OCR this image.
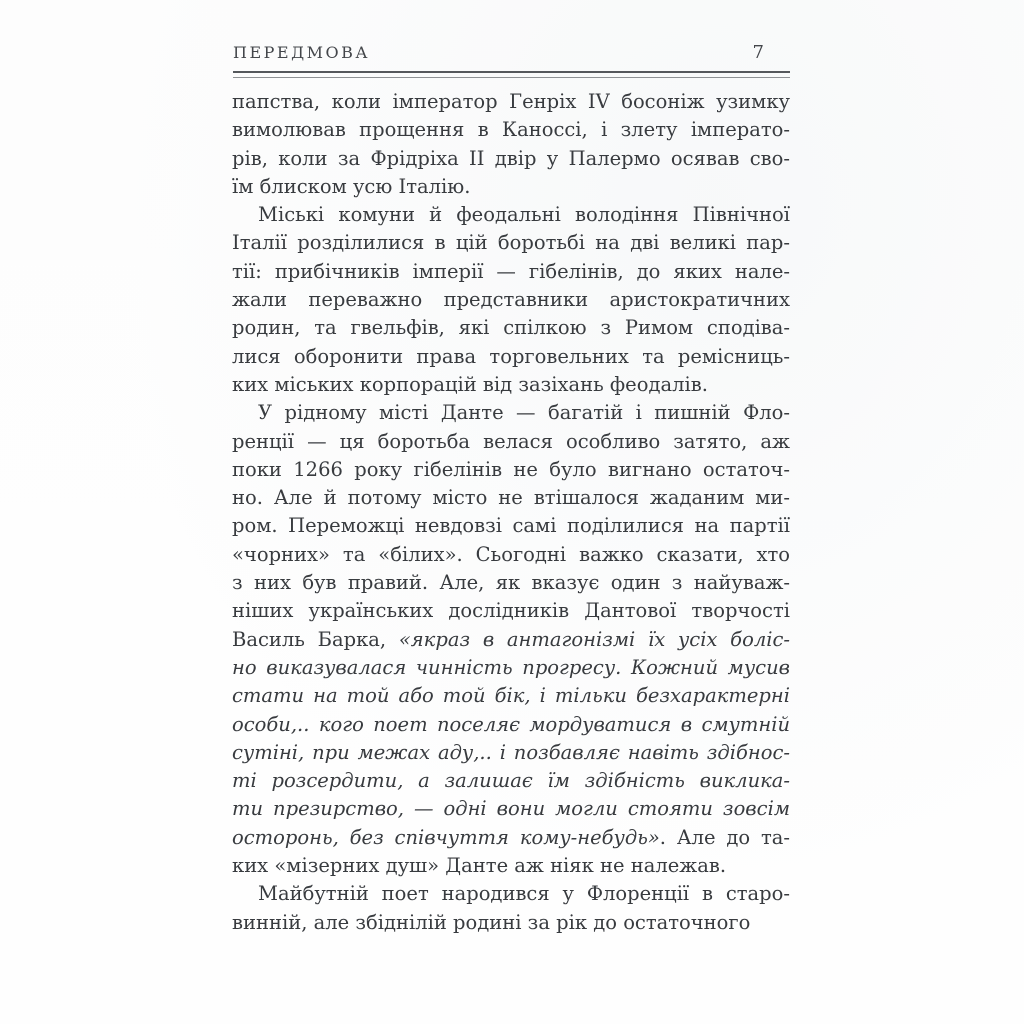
ПЕРЕДМОВА	7
папства, коли імператор Генріх IV босоніж узимку
вимолював прощення в Каноссі, і злету імперато-
рів, коли за Фрідріха II двір у Палермо осявав сво-
їм блиском усю Італію.
Міські комуни й феодальні володіння Північної
Італії розділилися в цій боротьбі на дві великі пар-
тії: прибічників імперії — гібелінів, до яких нале-
жали переважно представники аристократичних
родин, та гвельфів, які спілкою з Римом сподіва-
лися оборонити права торговельних та ремісниць-
ких міських корпорацій від зазіхань феодалів.
У рідному місті Данте — багатій і пишній Фло-
ренції — ця боротьба велася особливо затято, аж
поки 1266 року гібелінів не було вигнано остаточ-
но. Але й потому місто не втішалося жаданим ми-
ром. Переможці невдовзі самі поділилися на партії
«чорних» та «білих». Сьогодні важко сказати, хто
з них був правий. Але, як вказує один з найуваж-
ніших українських дослідників Дантової творчості
Василь Барка, «якраз в антагонізмі їх усіх боліс-
но виказувалася чинність прогресу. Кожний мусив
стати на той або той бік, і тільки безхарактерні
особи,.. кого поет поселяє мордуватися в смутній
сутіні, при межах аду,.. і позбавляє навіть здібнос-
ті розсердити, а залишає їм здібність виклика-
ти презирство, — одні вони могли стояти зовсім
осторонь, без співчуття кому-небудь». Але до та-
ких «мізерних душ» Данте аж ніяк не належав.
Майбутній поет народився у Флоренції в старо-
винній, але збіднілій родині за рік до остаточного
